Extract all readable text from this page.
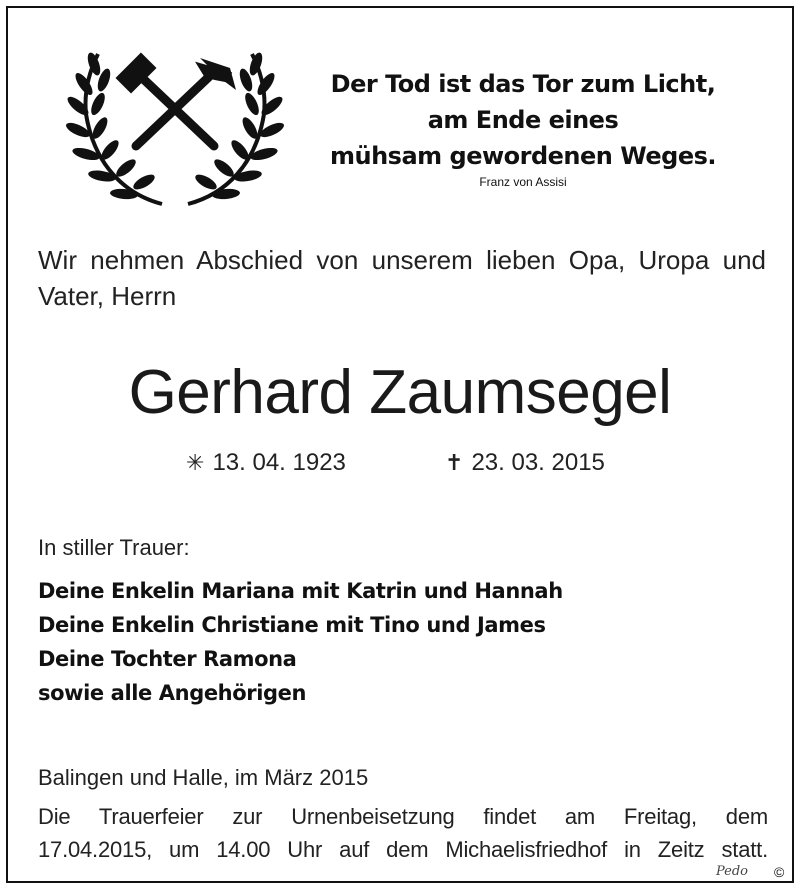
Der Tod ist das Tor zum Licht,
am Ende eines
mühsam gewordenen Weges.
Franz von Assisi
Wir nehmen Abschied von unserem lieben Opa, Uropa und Vater, Herrn
Gerhard Zaumsegel
✳ 13. 04. 1923	✝ 23. 03. 2015
In stiller Trauer:
Deine Enkelin Mariana mit Katrin und Hannah
Deine Enkelin Christiane mit Tino und James
Deine Tochter Ramona
sowie alle Angehörigen
Balingen und Halle, im März 2015
Die Trauerfeier zur Urnenbeisetzung findet am Freitag, dem
17.04.2015, um 14.00 Uhr auf dem Michaelisfriedhof in Zeitz statt.
Pedo ©
